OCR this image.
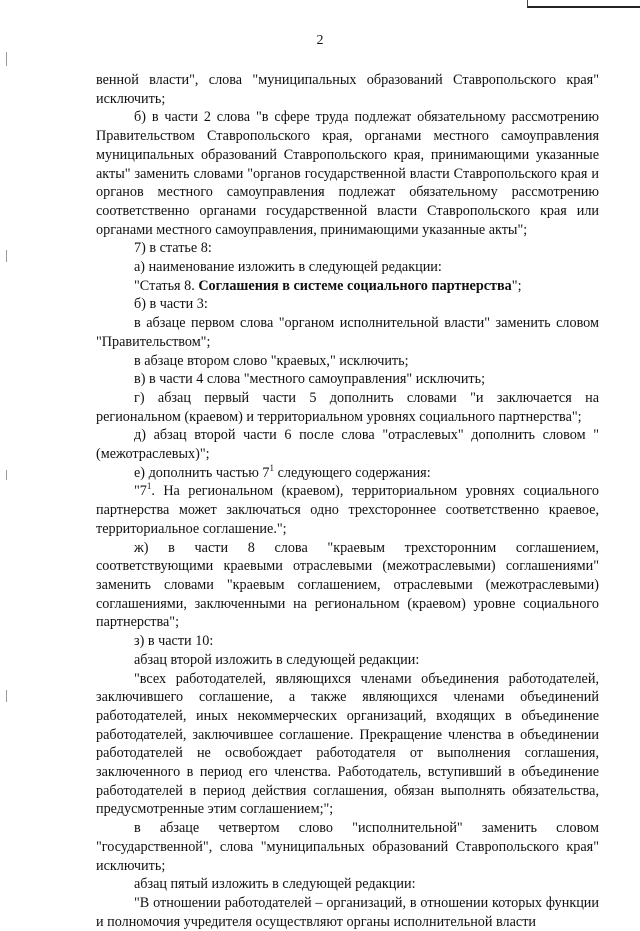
2

венной власти", слова "муниципальных образований Ставропольского края" исключить;

б) в части 2 слова "в сфере труда подлежат обязательному рассмотрению Правительством Ставропольского края, органами местного самоуправления муниципальных образований Ставропольского края, принимающими указанные акты" заменить словами "органов государственной власти Ставропольского края и органов местного самоуправления подлежат обязательному рассмотрению соответственно органами государственной власти Ставропольского края или органами местного самоуправления, принимающими указанные акты";

7) в статье 8:

а) наименование изложить в следующей редакции:

"Статья 8. Соглашения в системе социального партнерства";

б) в части 3:

в абзаце первом слова "органом исполнительной власти" заменить словом "Правительством";

в абзаце втором слово "краевых," исключить;

в) в части 4 слова "местного самоуправления" исключить;

г) абзац первый части 5 дополнить словами "и заключается на региональном (краевом) и территориальном уровнях социального партнерства";

д) абзац второй части 6 после слова "отраслевых" дополнить словом "(межотраслевых)";

е) дополнить частью $7^1$ следующего содержания:

"$7^1$. На региональном (краевом), территориальном уровнях социального партнерства может заключаться одно трехстороннее соответственно краевое, территориальное соглашение.";

ж) в части 8 слова "краевым трехсторонним соглашением, соответствующими краевыми отраслевыми (межотраслевыми) соглашениями" заменить словами "краевым соглашением, отраслевыми (межотраслевыми) соглашениями, заключенными на региональном (краевом) уровне социального партнерства";

з) в части 10:

абзац второй изложить в следующей редакции:

"всех работодателей, являющихся членами объединения работодателей, заключившего соглашение, а также являющихся членами объединений работодателей, иных некоммерческих организаций, входящих в объединение работодателей, заключившее соглашение. Прекращение членства в объединении работодателей не освобождает работодателя от выполнения соглашения, заключенного в период его членства. Работодатель, вступивший в объединение работодателей в период действия соглашения, обязан выполнять обязательства, предусмотренные этим соглашением;";

в абзаце четвертом слово "исполнительной" заменить словом "государственной", слова "муниципальных образований Ставропольского края" исключить;

абзац пятый изложить в следующей редакции:

"В отношении работодателей – организаций, в отношении которых функции и полномочия учредителя осуществляют органы исполнительной власти
